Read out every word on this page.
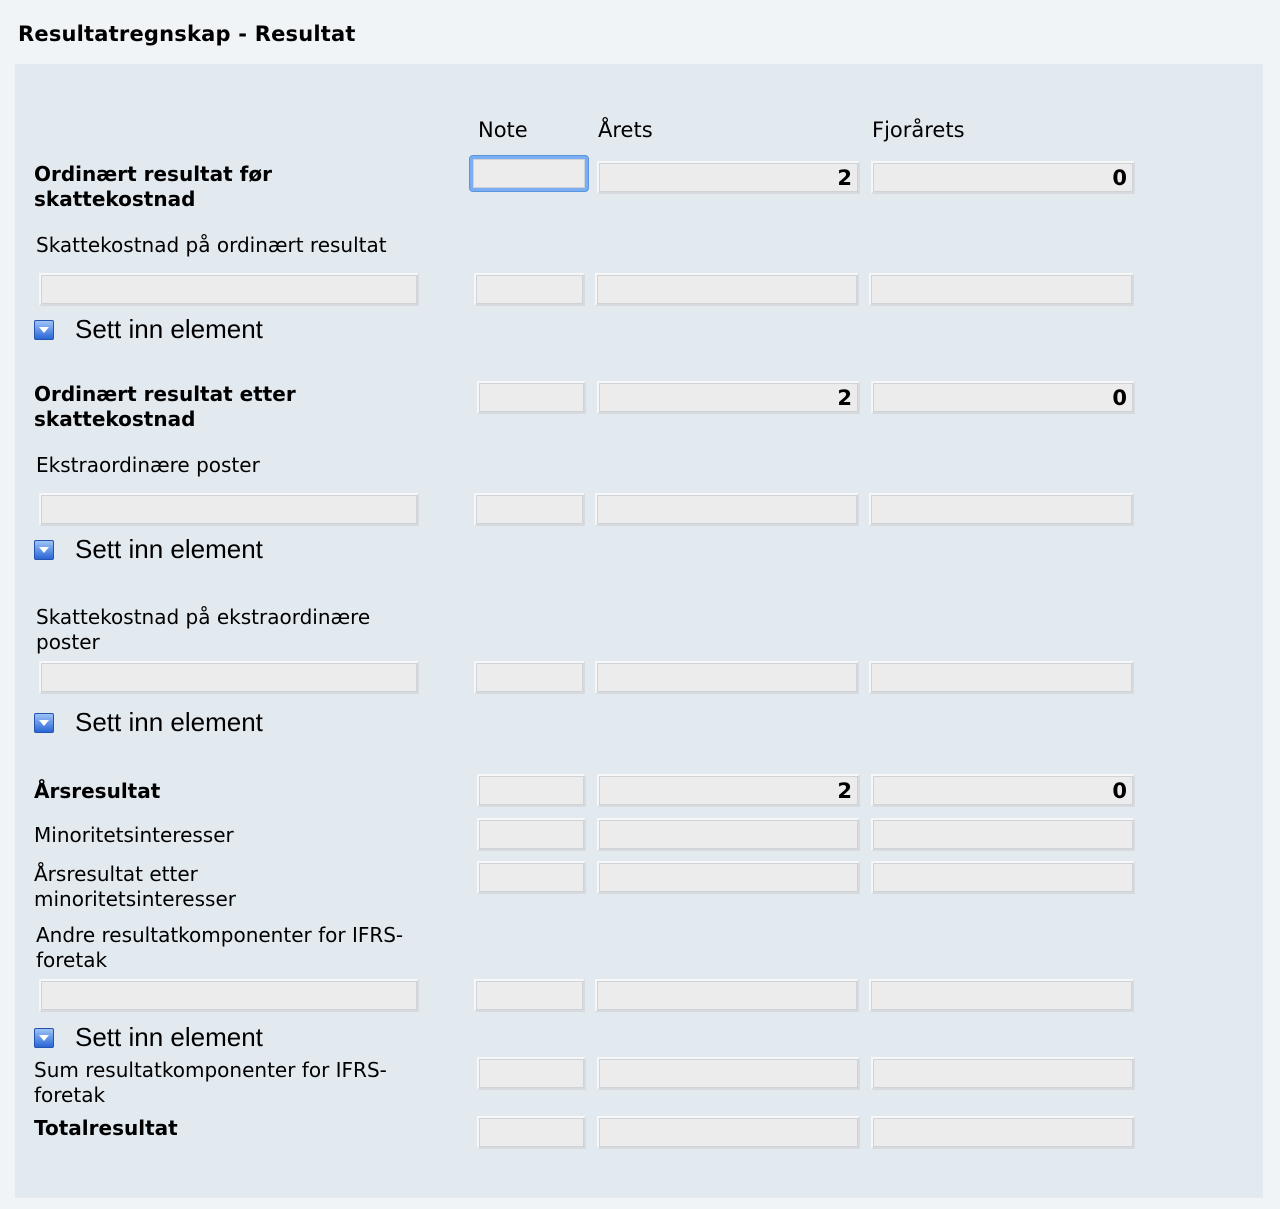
Resultatregnskap - Resultat
Note	Årets	Fjorårets
Ordinært resultat før skattekostnad
2
0
Skattekostnad på ordinært resultat
Sett inn element
Ordinært resultat etter skattekostnad
2
0
Ekstraordinære poster
Sett inn element
Skattekostnad på ekstraordinære poster
Sett inn element
Årsresultat
2
0
Minoritetsinteresser
Årsresultat etter minoritetsinteresser
Andre resultatkomponenter for IFRS-foretak
Sett inn element
Sum resultatkomponenter for IFRS-foretak
Totalresultat
